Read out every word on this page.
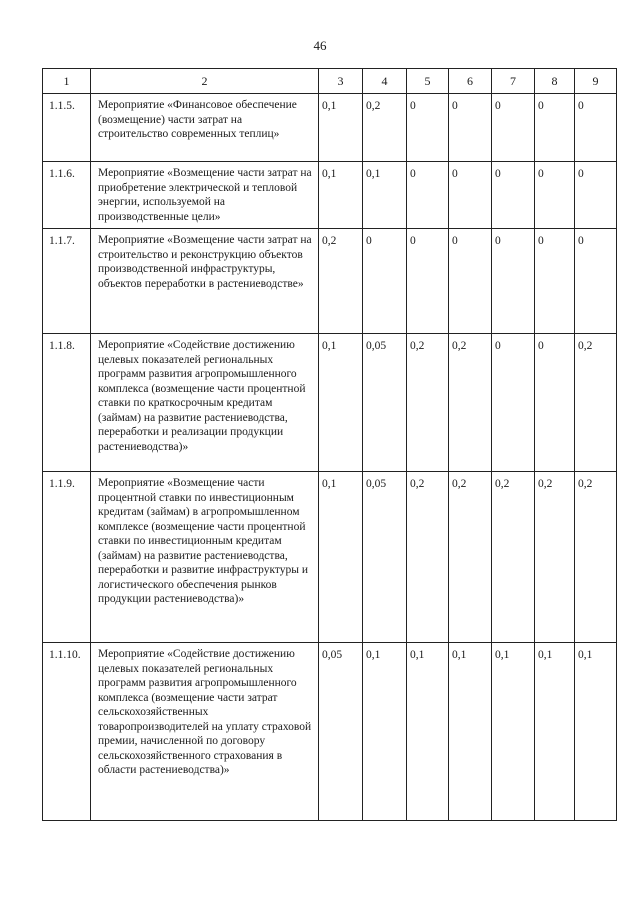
46
1	2	3	4	5	6	7	8	9

1.1.5.	Мероприятие «Финансовое обеспечение (возмещение) части затрат на строительство современных теплиц»	0,1	0,2	0	0	0	0	0

1.1.6.	Мероприятие «Возмещение части затрат на приобретение электрической и тепловой энергии, используемой на производственные цели»	0,1	0,1	0	0	0	0	0

1.1.7.	Мероприятие «Возмещение части затрат на строительство и реконструкцию объектов производственной инфраструктуры, объектов переработки в растениеводстве»	0,2	0	0	0	0	0	0

1.1.8.	Мероприятие «Содействие достижению целевых показателей региональных программ развития агропромышленного комплекса (возмещение части процентной ставки по краткосрочным кредитам (займам) на развитие растениеводства, переработки и реализации продукции растениеводства)»	0,1	0,05	0,2	0,2	0	0	0,2

1.1.9.	Мероприятие «Возмещение части процентной ставки по инвестиционным кредитам (займам) в агропромышленном комплексе (возмещение части процентной ставки по инвестиционным кредитам (займам) на развитие растениеводства, переработки и развитие инфраструктуры и логистического обеспечения рынков продукции растениеводства)»	0,1	0,05	0,2	0,2	0,2	0,2	0,2

1.1.10.	Мероприятие «Содействие достижению целевых показателей региональных программ развития агропромышленного комплекса (возмещение части затрат сельскохозяйственных товаропроизводителей на уплату страховой премии, начисленной по договору сельскохозяйственного страхования в области растениеводства)»	0,05	0,1	0,1	0,1	0,1	0,1	0,1
